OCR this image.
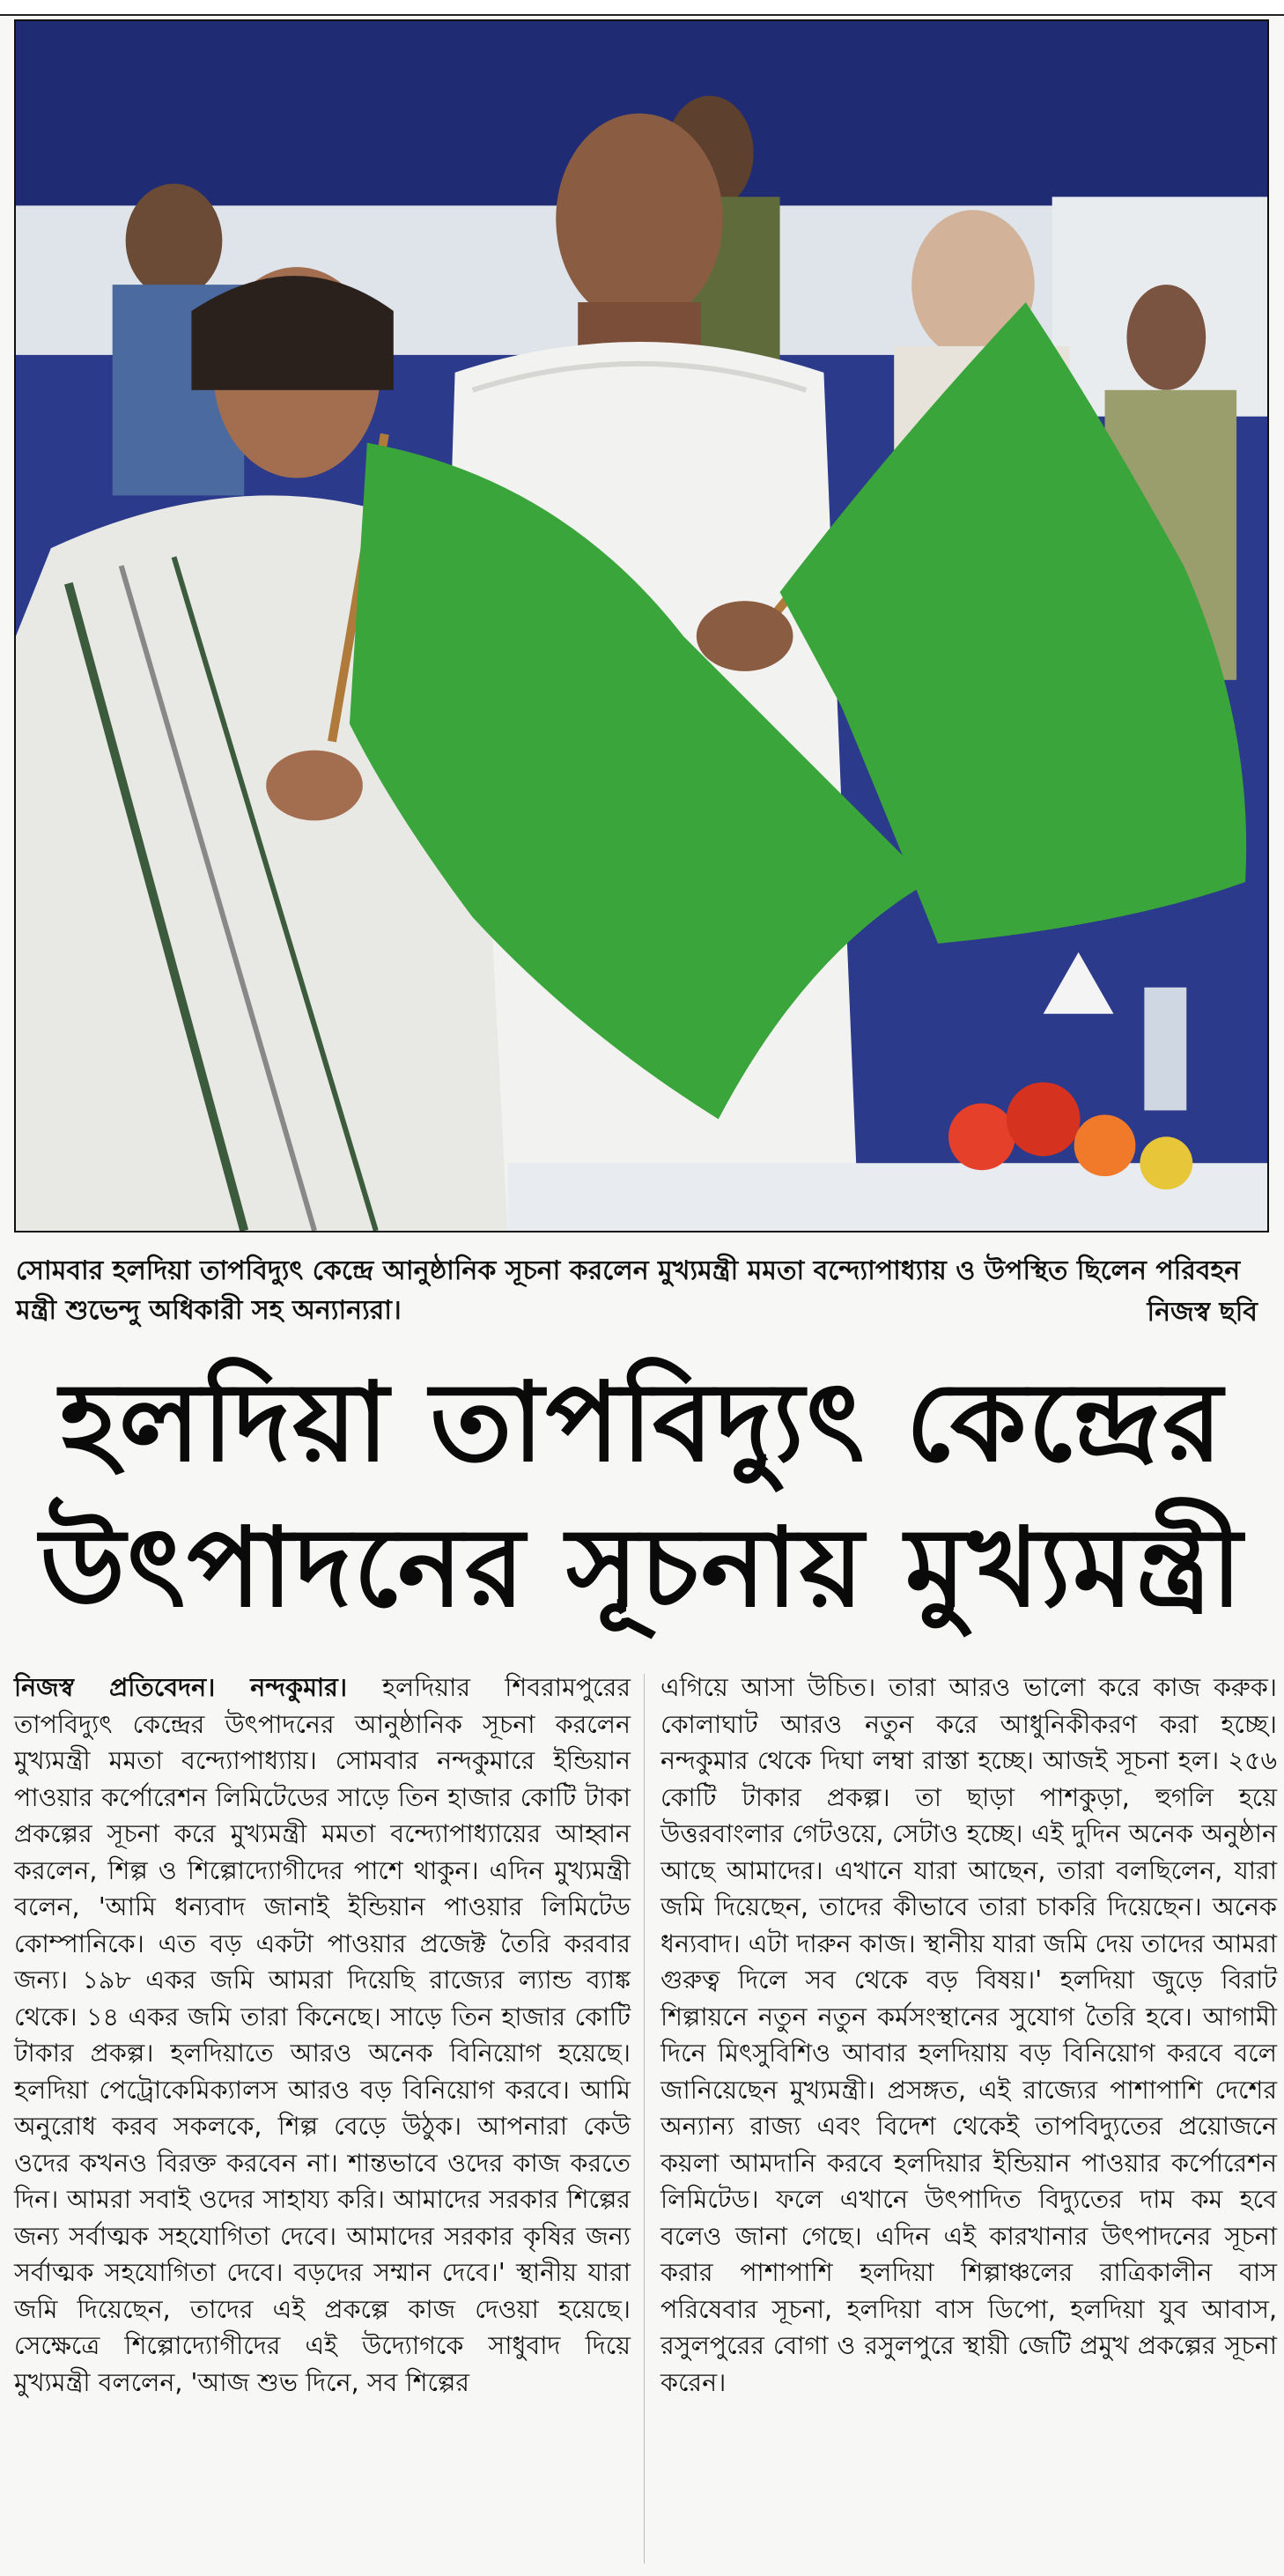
সোমবার হলদিয়া তাপবিদ্যুৎ কেন্দ্রে আনুষ্ঠানিক সূচনা করলেন মুখ্যমন্ত্রী মমতা বন্দ্যোপাধ্যায় ও উপস্থিত ছিলেন পরিবহন মন্ত্রী শুভেন্দু অধিকারী সহ অন্যান্যরা।	নিজস্ব ছবি
হলদিয়া তাপবিদ্যুৎ কেন্দ্রের
উৎপাদনের সূচনায় মুখ্যমন্ত্রী
নিজস্ব প্রতিবেদন। নন্দকুমার। হলদিয়ার শিবরামপুরের তাপবিদ্যুৎ কেন্দ্রের উৎপাদনের আনুষ্ঠানিক সূচনা করলেন মুখ্যমন্ত্রী মমতা বন্দ্যোপাধ্যায়। সোমবার নন্দকুমারে ইন্ডিয়ান পাওয়ার কর্পোরেশন লিমিটেডের সাড়ে তিন হাজার কোটি টাকা প্রকল্পের সূচনা করে মুখ্যমন্ত্রী মমতা বন্দ্যোপাধ্যায়ের আহ্বান করলেন, শিল্প ও শিল্পোদ্যোগীদের পাশে থাকুন। এদিন মুখ্যমন্ত্রী বলেন, 'আমি ধন্যবাদ জানাই ইন্ডিয়ান পাওয়ার লিমিটেড কোম্পানিকে। এত বড় একটা পাওয়ার প্রজেক্ট তৈরি করবার জন্য। ১৯৮ একর জমি আমরা দিয়েছি রাজ্যের ল্যান্ড ব্যাঙ্ক থেকে। ১৪ একর জমি তারা কিনেছে। সাড়ে তিন হাজার কোটি টাকার প্রকল্প। হলদিয়াতে আরও অনেক বিনিয়োগ হয়েছে। হলদিয়া পেট্রোকেমিক্যালস আরও বড় বিনিয়োগ করবে। আমি অনুরোধ করব সকলকে, শিল্প বেড়ে উঠুক। আপনারা কেউ ওদের কখনও বিরক্ত করবেন না। শান্তভাবে ওদের কাজ করতে দিন। আমরা সবাই ওদের সাহায্য করি। আমাদের সরকার শিল্পের জন্য সর্বাত্মক সহযোগিতা দেবে। আমাদের সরকার কৃষির জন্য সর্বাত্মক সহযোগিতা দেবে। বড়দের সম্মান দেবে।' স্থানীয় যারা জমি দিয়েছেন, তাদের এই প্রকল্পে কাজ দেওয়া হয়েছে। সেক্ষেত্রে শিল্পোদ্যোগীদের এই উদ্যোগকে সাধুবাদ দিয়ে মুখ্যমন্ত্রী বললেন, 'আজ শুভ দিনে, সব শিল্পের
এগিয়ে আসা উচিত। তারা আরও ভালো করে কাজ করুক। কোলাঘাট আরও নতুন করে আধুনিকীকরণ করা হচ্ছে। নন্দকুমার থেকে দিঘা লম্বা রাস্তা হচ্ছে। আজই সূচনা হল। ২৫৬ কোটি টাকার প্রকল্প। তা ছাড়া পাশকুড়া, হুগলি হয়ে উত্তরবাংলার গেটওয়ে, সেটাও হচ্ছে। এই দুদিন অনেক অনুষ্ঠান আছে আমাদের। এখানে যারা আছেন, তারা বলছিলেন, যারা জমি দিয়েছেন, তাদের কীভাবে তারা চাকরি দিয়েছেন। অনেক ধন্যবাদ। এটা দারুন কাজ। স্থানীয় যারা জমি দেয় তাদের আমরা গুরুত্ব দিলে সব থেকে বড় বিষয়।' হলদিয়া জুড়ে বিরাট শিল্পায়নে নতুন নতুন কর্মসংস্থানের সুযোগ তৈরি হবে। আগামী দিনে মিৎসুবিশিও আবার হলদিয়ায় বড় বিনিয়োগ করবে বলে জানিয়েছেন মুখ্যমন্ত্রী। প্রসঙ্গত, এই রাজ্যের পাশাপাশি দেশের অন্যান্য রাজ্য এবং বিদেশ থেকেই তাপবিদ্যুতের প্রয়োজনে কয়লা আমদানি করবে হলদিয়ার ইন্ডিয়ান পাওয়ার কর্পোরেশন লিমিটেড। ফলে এখানে উৎপাদিত বিদ্যুতের দাম কম হবে বলেও জানা গেছে। এদিন এই কারখানার উৎপাদনের সূচনা করার পাশাপাশি হলদিয়া শিল্পাঞ্চলের রাত্রিকালীন বাস পরিষেবার সূচনা, হলদিয়া বাস ডিপো, হলদিয়া যুব আবাস, রসুলপুরের বোগা ও রসুলপুরে স্থায়ী জেটি প্রমুখ প্রকল্পের সূচনা করেন।
